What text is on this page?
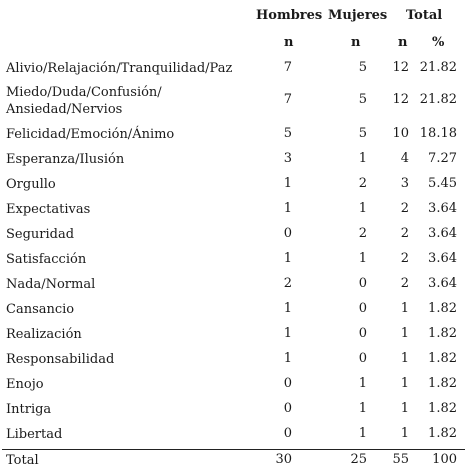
Hombres Mujeres Total
n	n	n %
Alivio/Relajación/Tranquilidad/Paz	7	5	12 21.82
Miedo/Duda/Confusión/ Ansiedad/Nervios
7	5	12 21.82
Felicidad/Emoción/Ánimo	5	5	10 18.18
Esperanza/Ilusión	3	1	4	7.27
Orgullo	1	2	3	5.45
Expectativas	1	1	2	3.64
Seguridad	0	2	2	3.64
Satisfacción	1	1	2	3.64
Nada/Normal	2	0	2	3.64
Cansancio	1	0	1	1.82
Realización	1	0	1	1.82
Responsabilidad	1	0	1	1.82
Enojo	0	1	1	1.82
Intriga	0	1	1	1.82
Libertad	0	1	1	1.82
Total	30	25	55	100
